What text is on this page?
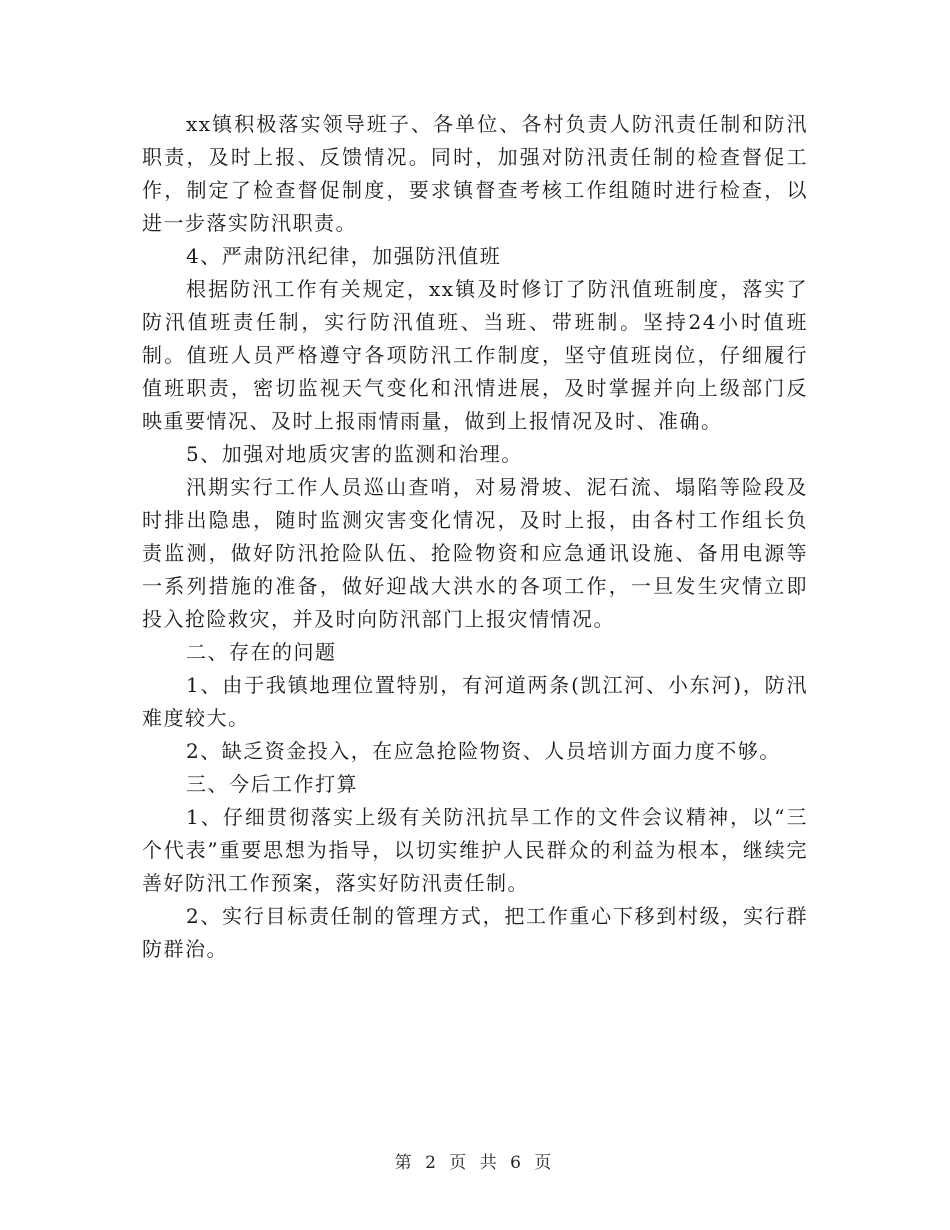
xx镇积极落实领导班子、各单位、各村负责人防汛责任制和防汛职责，及时上报、反馈情况。同时，加强对防汛责任制的检查督促工作，制定了检查督促制度，要求镇督查考核工作组随时进行检查，以进一步落实防汛职责。

4、严肃防汛纪律，加强防汛值班

根据防汛工作有关规定，xx镇及时修订了防汛值班制度，落实了防汛值班责任制，实行防汛值班、当班、带班制。坚持24小时值班制。值班人员严格遵守各项防汛工作制度，坚守值班岗位，仔细履行值班职责，密切监视天气变化和汛情进展，及时掌握并向上级部门反映重要情况、及时上报雨情雨量，做到上报情况及时、准确。

5、加强对地质灾害的监测和治理。

汛期实行工作人员巡山查哨，对易滑坡、泥石流、塌陷等险段及时排出隐患，随时监测灾害变化情况，及时上报，由各村工作组长负责监测，做好防汛抢险队伍、抢险物资和应急通讯设施、备用电源等一系列措施的准备，做好迎战大洪水的各项工作，一旦发生灾情立即投入抢险救灾，并及时向防汛部门上报灾情情况。

二、存在的问题

1、由于我镇地理位置特别，有河道两条(凯江河、小东河)，防汛难度较大。

2、缺乏资金投入，在应急抢险物资、人员培训方面力度不够。

三、今后工作打算

1、仔细贯彻落实上级有关防汛抗旱工作的文件会议精神，以“三个代表”重要思想为指导，以切实维护人民群众的利益为根本，继续完善好防汛工作预案，落实好防汛责任制。

2、实行目标责任制的管理方式，把工作重心下移到村级，实行群防群治。

第 2 页 共 6 页
